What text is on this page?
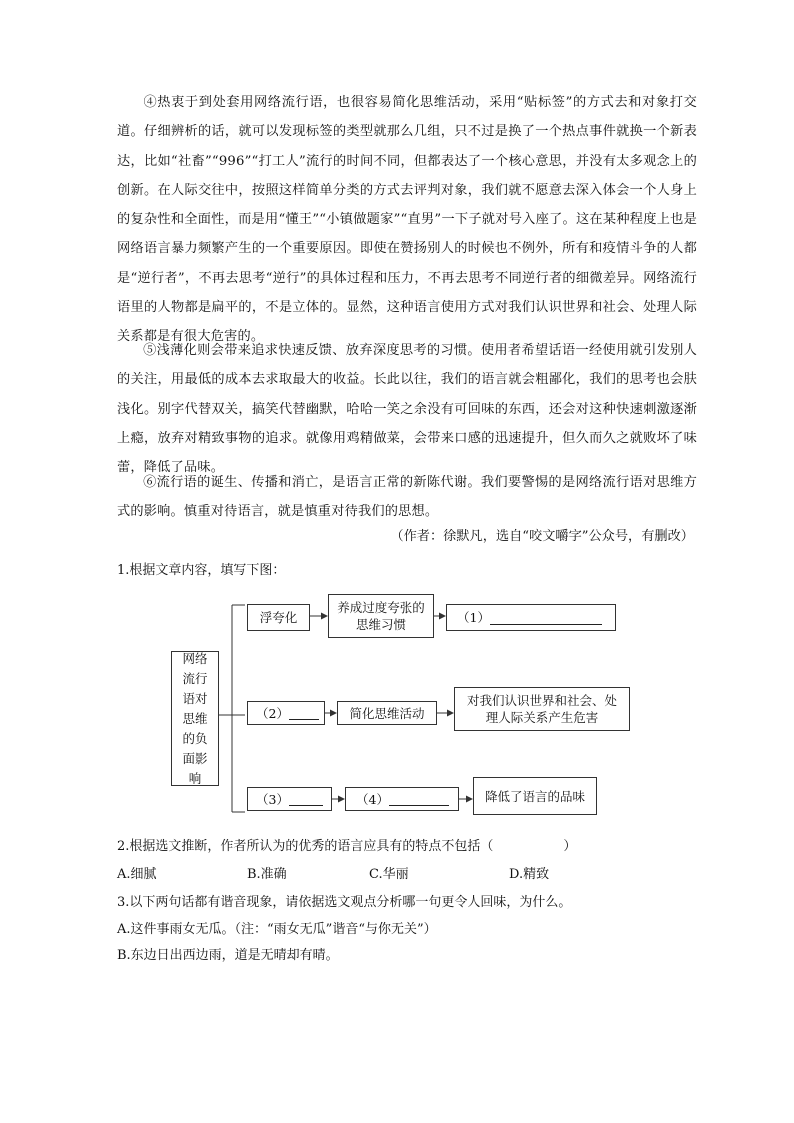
④热衷于到处套用网络流行语，也很容易简化思维活动，采用“贴标签”的方式去和对象打交道。仔细辨析的话，就可以发现标签的类型就那么几组，只不过是换了一个热点事件就换一个新表达，比如“社畜”“996”“打工人”流行的时间不同，但都表达了一个核心意思，并没有太多观念上的创新。在人际交往中，按照这样简单分类的方式去评判对象，我们就不愿意去深入体会一个人身上的复杂性和全面性，而是用“懂王”“小镇做题家”“直男”一下子就对号入座了。这在某种程度上也是网络语言暴力频繁产生的一个重要原因。即使在赞扬别人的时候也不例外，所有和疫情斗争的人都是“逆行者”，不再去思考“逆行”的具体过程和压力，不再去思考不同逆行者的细微差异。网络流行语里的人物都是扁平的，不是立体的。显然，这种语言使用方式对我们认识世界和社会、处理人际关系都是有很大危害的。

⑤浅薄化则会带来追求快速反馈、放弃深度思考的习惯。使用者希望话语一经使用就引发别人的关注，用最低的成本去求取最大的收益。长此以往，我们的语言就会粗鄙化，我们的思考也会肤浅化。别字代替双关，搞笑代替幽默，哈哈一笑之余没有可回味的东西，还会对这种快速刺激逐渐上瘾，放弃对精致事物的追求。就像用鸡精做菜，会带来口感的迅速提升，但久而久之就败坏了味蕾，降低了品味。

⑥流行语的诞生、传播和消亡，是语言正常的新陈代谢。我们要警惕的是网络流行语对思维方式的影响。慎重对待语言，就是慎重对待我们的思想。

（作者：徐默凡，选自“咬文嚼字”公众号，有删改）
1.根据文章内容，填写下图：
网络流行语对思维的负面影响
浮夸化
养成过度夸张的思维习惯	（1）
（2）	简化思维活动
对我们认识世界和社会、处理人际关系产生危害
（3）	（4）	降低了语言的品味
2.根据选文推断，作者所认为的优秀的语言应具有的特点不包括（	）
A.细腻	B.准确	C.华丽	D.精致
3.以下两句话都有谐音现象，请依据选文观点分析哪一句更令人回味，为什么。
A.这件事雨女无瓜。（注：“雨女无瓜”谐音“与你无关”）
B.东边日出西边雨，道是无晴却有晴。
